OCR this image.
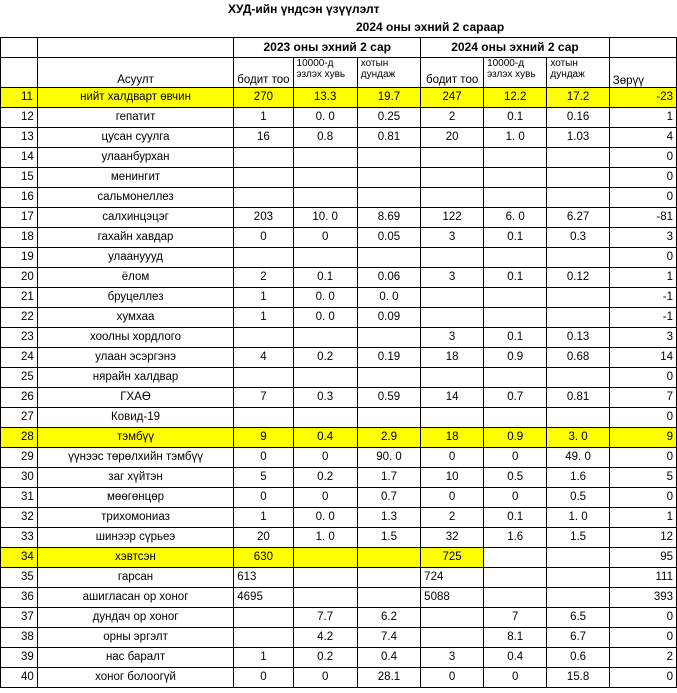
ХУД-ийн үндсэн үзүүлэлт
2024 оны эхний 2 сараар
		2023 оны эхний 2 сар			2024 оны эхний 2 сар			
	Асуулт	бодит тоо	10000-д эзлэх хувь	хотын дундаж	бодит тоо	10000-д эзлэх хувь	хотын дундаж	Зөрүү
11	нийт халдварт өвчин	270	13.3	19.7	247	12.2	17.2	-23
12	гепатит	1	0. 0	0.25	2	0.1	0.16	1
13	цусан суулга	16	0.8	0.81	20	1. 0	1.03	4
14	улаанбурхан							0
15	менингит							0
16	сальмонеллез							0
17	салхинцэцэг	203	10. 0	8.69	122	6. 0	6.27	-81
18	гахайн хавдар	0	0	0.05	3	0.1	0.3	3
19	улаануууд							0
20	ёлом	2	0.1	0.06	3	0.1	0.12	1
21	бруцеллез	1	0. 0	0. 0				-1
22	хумхаа	1	0. 0	0.09				-1
23	хоолны хордлого				3	0.1	0.13	3
24	улаан эсэргэнэ	4	0.2	0.19	18	0.9	0.68	14
25	нярайн халдвар							0
26	ГХАӨ	7	0.3	0.59	14	0.7	0.81	7
27	Ковид-19							0
28	тэмбүү	9	0.4	2.9	18	0.9	3. 0	9
29	үүнээс төрөлхийн тэмбүү	0	0	90. 0	0	0	49. 0	0
30	заг хүйтэн	5	0.2	1.7	10	0.5	1.6	5
31	мөөгөнцөр	0	0	0.7	0	0	0.5	0
32	трихомониаз	1	0. 0	1.3	2	0.1	1. 0	1
33	шинээр сүрьеэ	20	1. 0	1.5	32	1.6	1.5	12
34	хэвтсэн	630			725			95
35	гарсан	613			724			111
36	ашигласан ор хоног	4695			5088			393
37	дундач ор хоног		7.7	6.2		7	6.5	0
38	орны эргэлт		4.2	7.4		8.1	6.7	0
39	нас баралт	1	0.2	0.4	3	0.4	0.6	2
40	хоног болоогүй	0	0	28.1	0	0	15.8	0
